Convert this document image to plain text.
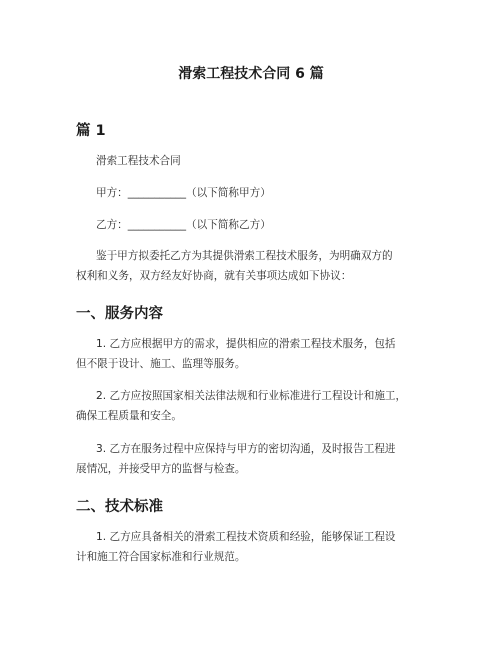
滑索工程技术合同 6 篇
篇 1

滑索工程技术合同

甲方：___________（以下简称甲方）

乙方：___________（以下简称乙方）

鉴于甲方拟委托乙方为其提供滑索工程技术服务，为明确双方的
权利和义务，双方经友好协商，就有关事项达成如下协议：

一、服务内容

1. 乙方应根据甲方的需求，提供相应的滑索工程技术服务，包括
但不限于设计、施工、监理等服务。

2. 乙方应按照国家相关法律法规和行业标准进行工程设计和施工，
确保工程质量和安全。

3. 乙方在服务过程中应保持与甲方的密切沟通，及时报告工程进
展情况，并接受甲方的监督与检查。

二、技术标准

1. 乙方应具备相关的滑索工程技术资质和经验，能够保证工程设
计和施工符合国家标准和行业规范。
